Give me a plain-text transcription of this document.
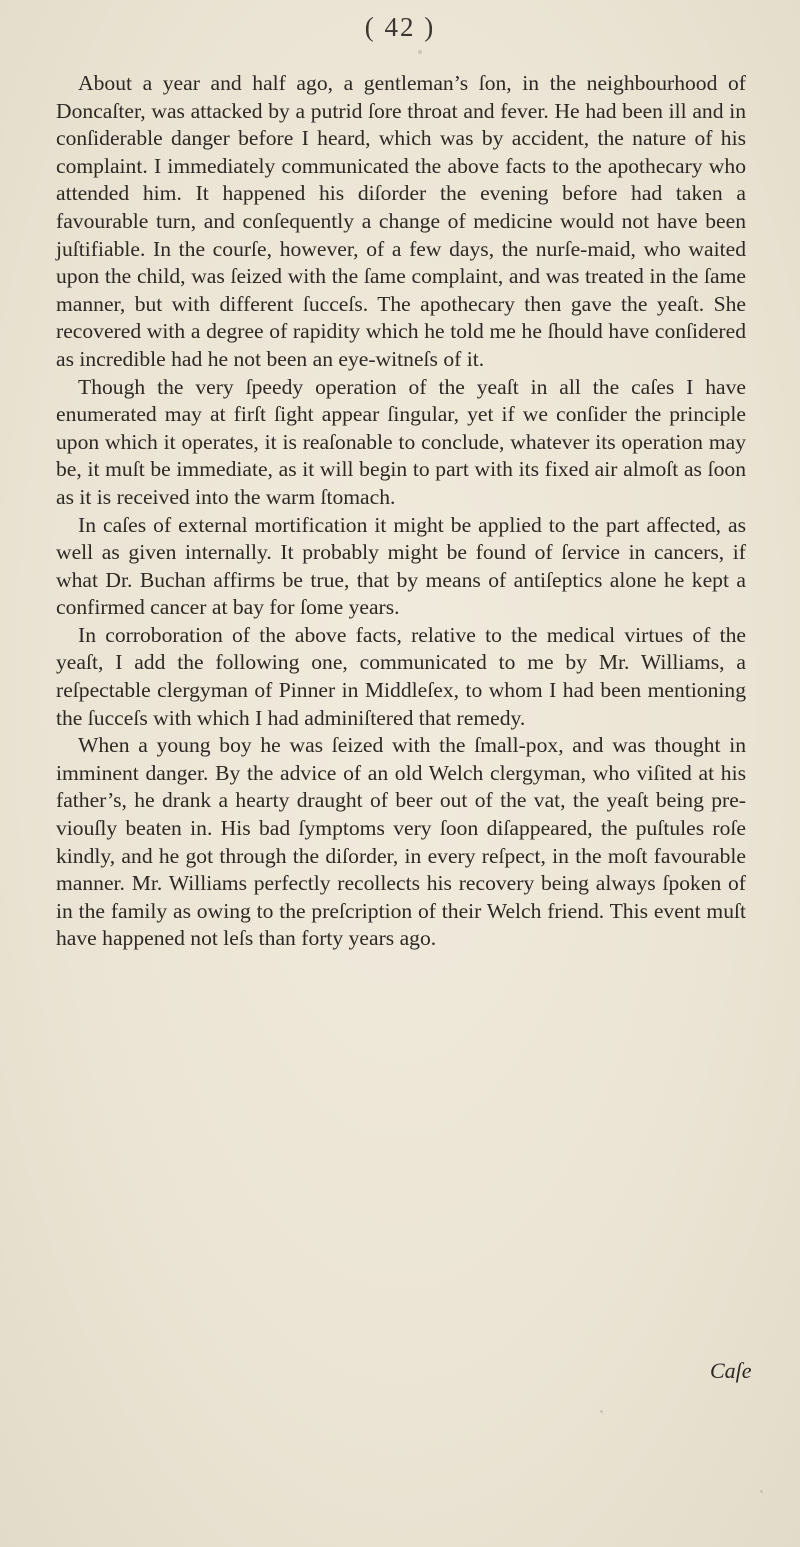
( 42 )

About a year and half ago, a gentleman’s ſon, in the neighbourhood of Doncaſter, was attacked by a putrid ſore throat and fever. He had been ill and in conſiderable danger before I heard, which was by accident, the nature of his complaint. I immediately communicated the above facts to the apothecary who attended him. It happened his diſorder the evening before had taken a favourable turn, and conſequently a change of medicine would not have been juſtifiable. In the courſe, however, of a few days, the nurſe-maid, who waited upon the child, was ſeized with the ſame complaint, and was treated in the ſame manner, but with different ſucceſs. The apothecary then gave the yeaſt. She recovered with a degree of rapidity which he told me he ſhould have conſidered as incredible had he not been an eye-witneſs of it.

Though the very ſpeedy operation of the yeaſt in all the caſes I have enumerated may at firſt ſight appear ſingular, yet if we conſider the principle upon which it operates, it is reaſonable to conclude, whatever its operation may be, it muſt be immediate, as it will begin to part with its fixed air almoſt as ſoon as it is received into the warm ſtomach.

In caſes of external mortification it might be applied to the part affected, as well as given internally. It probably might be found of ſervice in cancers, if what Dr. Buchan affirms be true, that by means of antiſeptics alone he kept a confirmed cancer at bay for ſome years.

In corroboration of the above facts, relative to the medical virtues of the yeaſt, I add the following one, communicated to me by Mr. Williams, a reſpectable clergyman of Pinner in Middleſex, to whom I had been mentioning the ſucceſs with which I had adminiſtered that remedy.

When a young boy he was ſeized with the ſmall-pox, and was thought in imminent danger. By the advice of an old Welch clergyman, who viſited at his father’s, he drank a hearty draught of beer out of the vat, the yeaſt being previouſly beaten in. His bad ſymptoms very ſoon diſappeared, the puſtules roſe kindly, and he got through the diſorder, in every reſpect, in the moſt favourable manner. Mr. Williams perfectly recollects his recovery being always ſpoken of in the family as owing to the preſcription of their Welch friend. This event muſt have happened not leſs than forty years ago.

Caſe
